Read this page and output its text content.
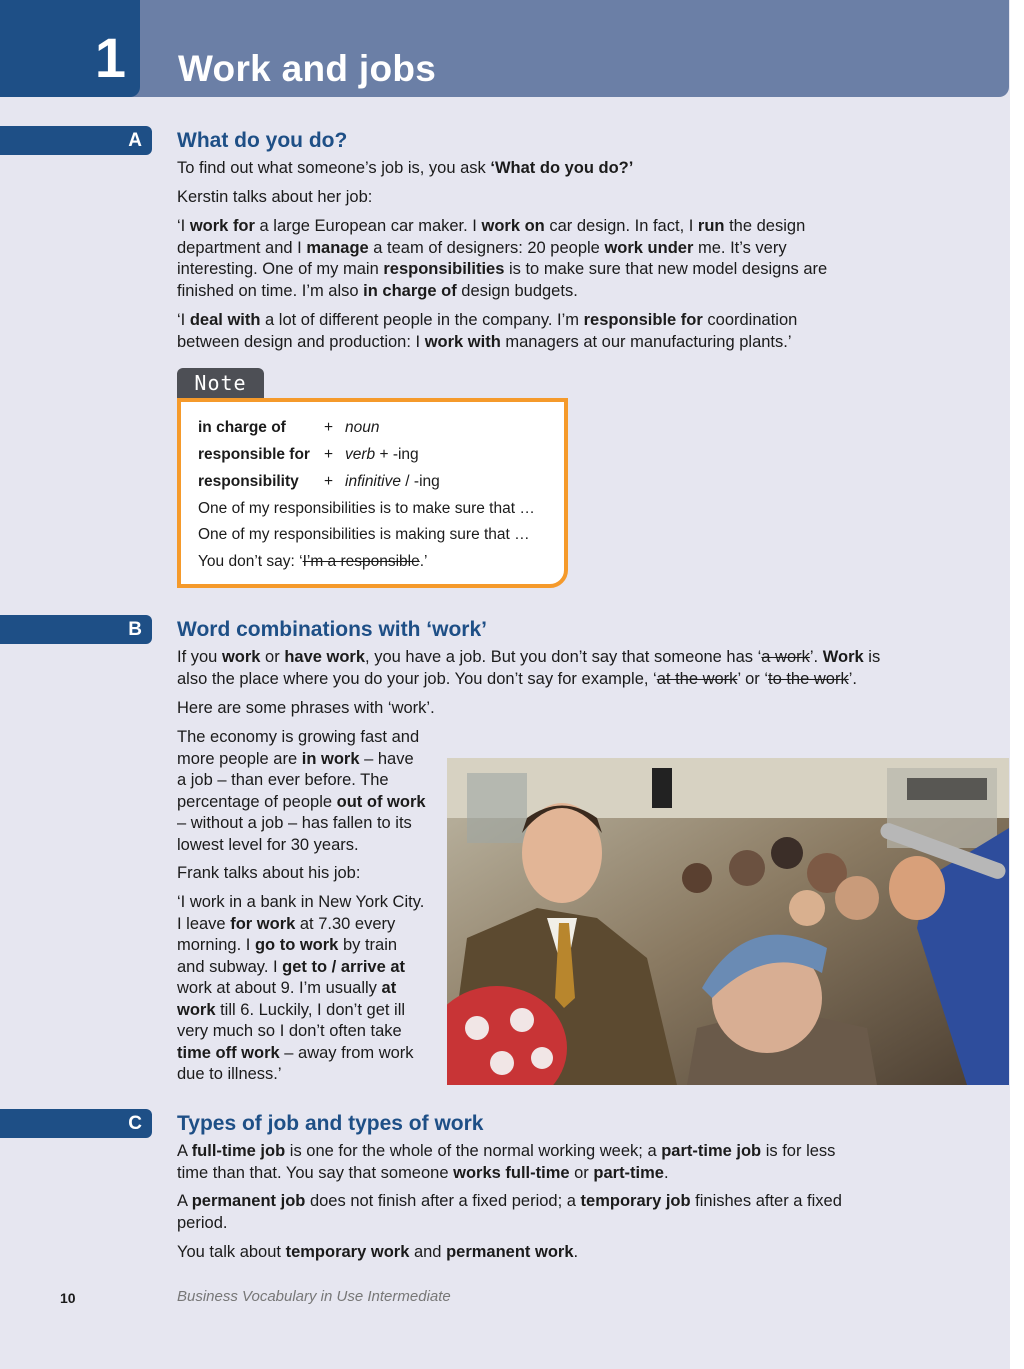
1 Work and jobs
A What do you do?
To find out what someone’s job is, you ask ‘What do you do?’
Kerstin talks about her job:
‘I work for a large European car maker. I work on car design. In fact, I run the design department and I manage a team of designers: 20 people work under me. It’s very interesting. One of my main responsibilities is to make sure that new model designs are finished on time. I’m also in charge of design budgets.
‘I deal with a lot of different people in the company. I’m responsible for coordination between design and production: I work with managers at our manufacturing plants.’
Note
in charge of + noun
responsible for + verb + -ing
responsibility + infinitive / -ing
One of my responsibilities is to make sure that …
One of my responsibilities is making sure that …
You don’t say: ‘I’m a responsible.’
B Word combinations with ‘work’
If you work or have work, you have a job. But you don’t say that someone has ‘a work’. Work is also the place where you do your job. You don’t say for example, ‘at the work’ or ‘to the work’.
Here are some phrases with ‘work’.
The economy is growing fast and more people are in work – have a job – than ever before. The percentage of people out of work – without a job – has fallen to its lowest level for 30 years.
Frank talks about his job:
‘I work in a bank in New York City. I leave for work at 7.30 every morning. I go to work by train and subway. I get to / arrive at work at about 9. I’m usually at work till 6. Luckily, I don’t get ill very much so I don’t often take time off work – away from work due to illness.’
C Types of job and types of work
A full-time job is one for the whole of the normal working week; a part-time job is for less time than that. You say that someone works full-time or part-time.
A permanent job does not finish after a fixed period; a temporary job finishes after a fixed period.
You talk about temporary work and permanent work.
10	Business Vocabulary in Use Intermediate
